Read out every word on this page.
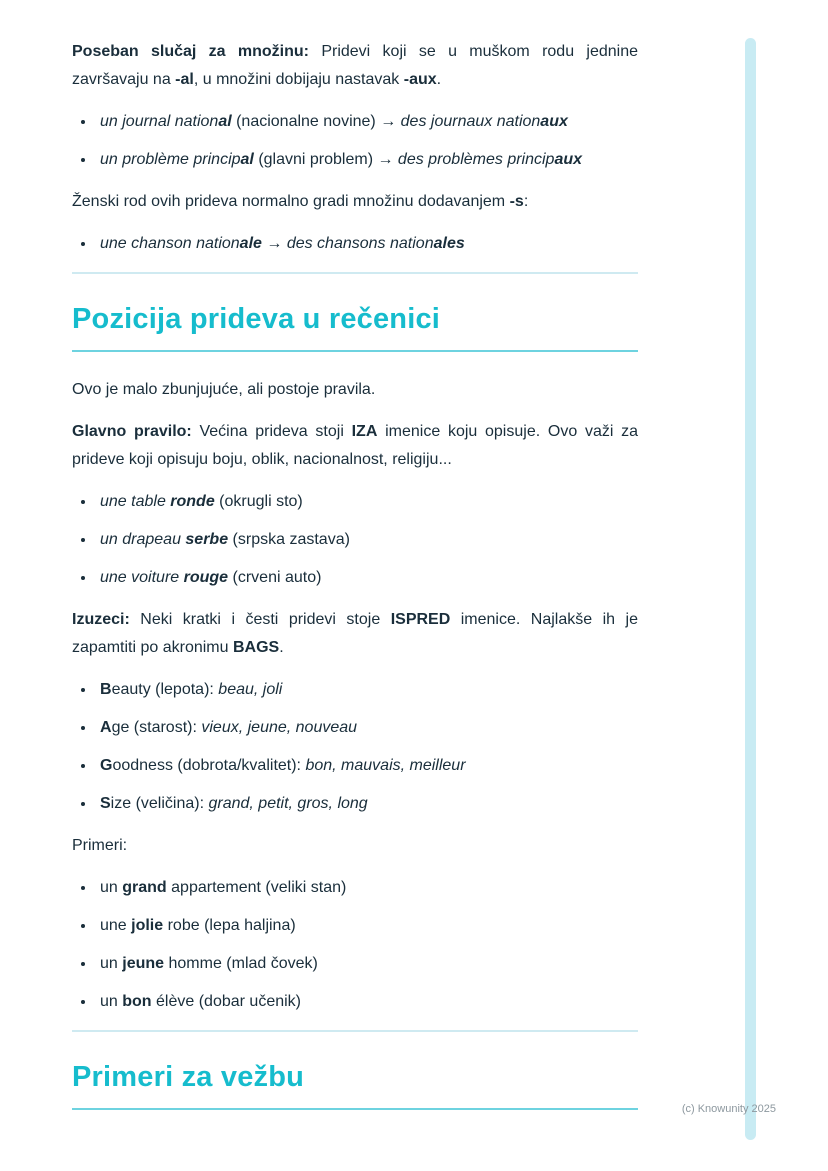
Poseban slučaj za množinu: Pridevi koji se u muškom rodu jednine završavaju na -al, u množini dobijaju nastavak -aux.

• un journal national (nacionalne novine) → des journaux nationaux
• un problème principal (glavni problem) → des problèmes principaux

Ženski rod ovih prideva normalno gradi množinu dodavanjem -s:

• une chanson nationale → des chansons nationales
Pozicija prideva u rečenici

Ovo je malo zbunjujuće, ali postoje pravila.

Glavno pravilo: Većina prideva stoji IZA imenice koju opisuje. Ovo važi za prideve koji opisuju boju, oblik, nacionalnost, religiju...

• une table ronde (okrugli sto)
• un drapeau serbe (srpska zastava)
• une voiture rouge (crveni auto)

Izuzeci: Neki kratki i česti pridevi stoje ISPRED imenice. Najlakše ih je zapamtiti po akronimu BAGS.

• Beauty (lepota): beau, joli
• Age (starost): vieux, jeune, nouveau
• Goodness (dobrota/kvalitet): bon, mauvais, meilleur
• Size (veličina): grand, petit, gros, long

Primeri:

• un grand appartement (veliki stan)
• une jolie robe (lepa haljina)
• un jeune homme (mlad čovek)
• un bon élève (dobar učenik)
Primeri za vežbu
(c) Knowunity 2025
